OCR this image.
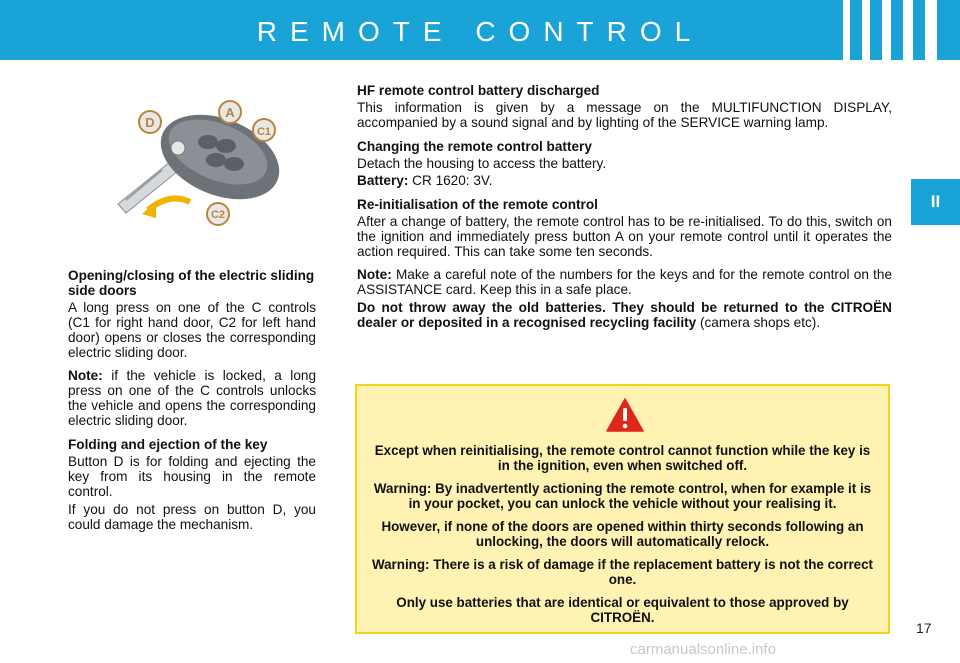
REMOTE CONTROL
II
D
A
C1
C2
Opening/closing of the electric sliding side doors

A long press on one of the C controls (C1 for right hand door, C2 for left hand door) opens or closes the corresponding electric sliding door.

Note: if the vehicle is locked, a long press on one of the C controls unlocks the vehicle and opens the corresponding electric sliding door.

Folding and ejection of the key

Button D is for folding and ejecting the key from its housing in the remote control.

If you do not press on button D, you could damage the mechanism.

HF remote control battery discharged

This information is given by a message on the MULTIFUNCTION DISPLAY, accompanied by a sound signal and by lighting of the SERVICE warning lamp.

Changing the remote control battery

Detach the housing to access the battery.

Battery: CR 1620: 3V.

Re-initialisation of the remote control

After a change of battery, the remote control has to be re-initialised. To do this, switch on the ignition and immediately press button A on your remote control until it operates the action required. This can take some ten seconds.

Note: Make a careful note of the numbers for the keys and for the remote control on the ASSISTANCE card. Keep this in a safe place.

Do not throw away the old batteries. They should be returned to the CITROËN dealer or deposited in a recognised recycling facility (camera shops etc).

Except when reinitialising, the remote control cannot function while the key is in the ignition, even when switched off.
Warning: By inadvertently actioning the remote control, when for example it is in your pocket, you can unlock the vehicle without your realising it.
However, if none of the doors are opened within thirty seconds following an unlocking, the doors will automatically relock.
Warning: There is a risk of damage if the replacement battery is not the correct one.
Only use batteries that are identical or equivalent to those approved by CITROËN.
17
carmanualsonline.info
